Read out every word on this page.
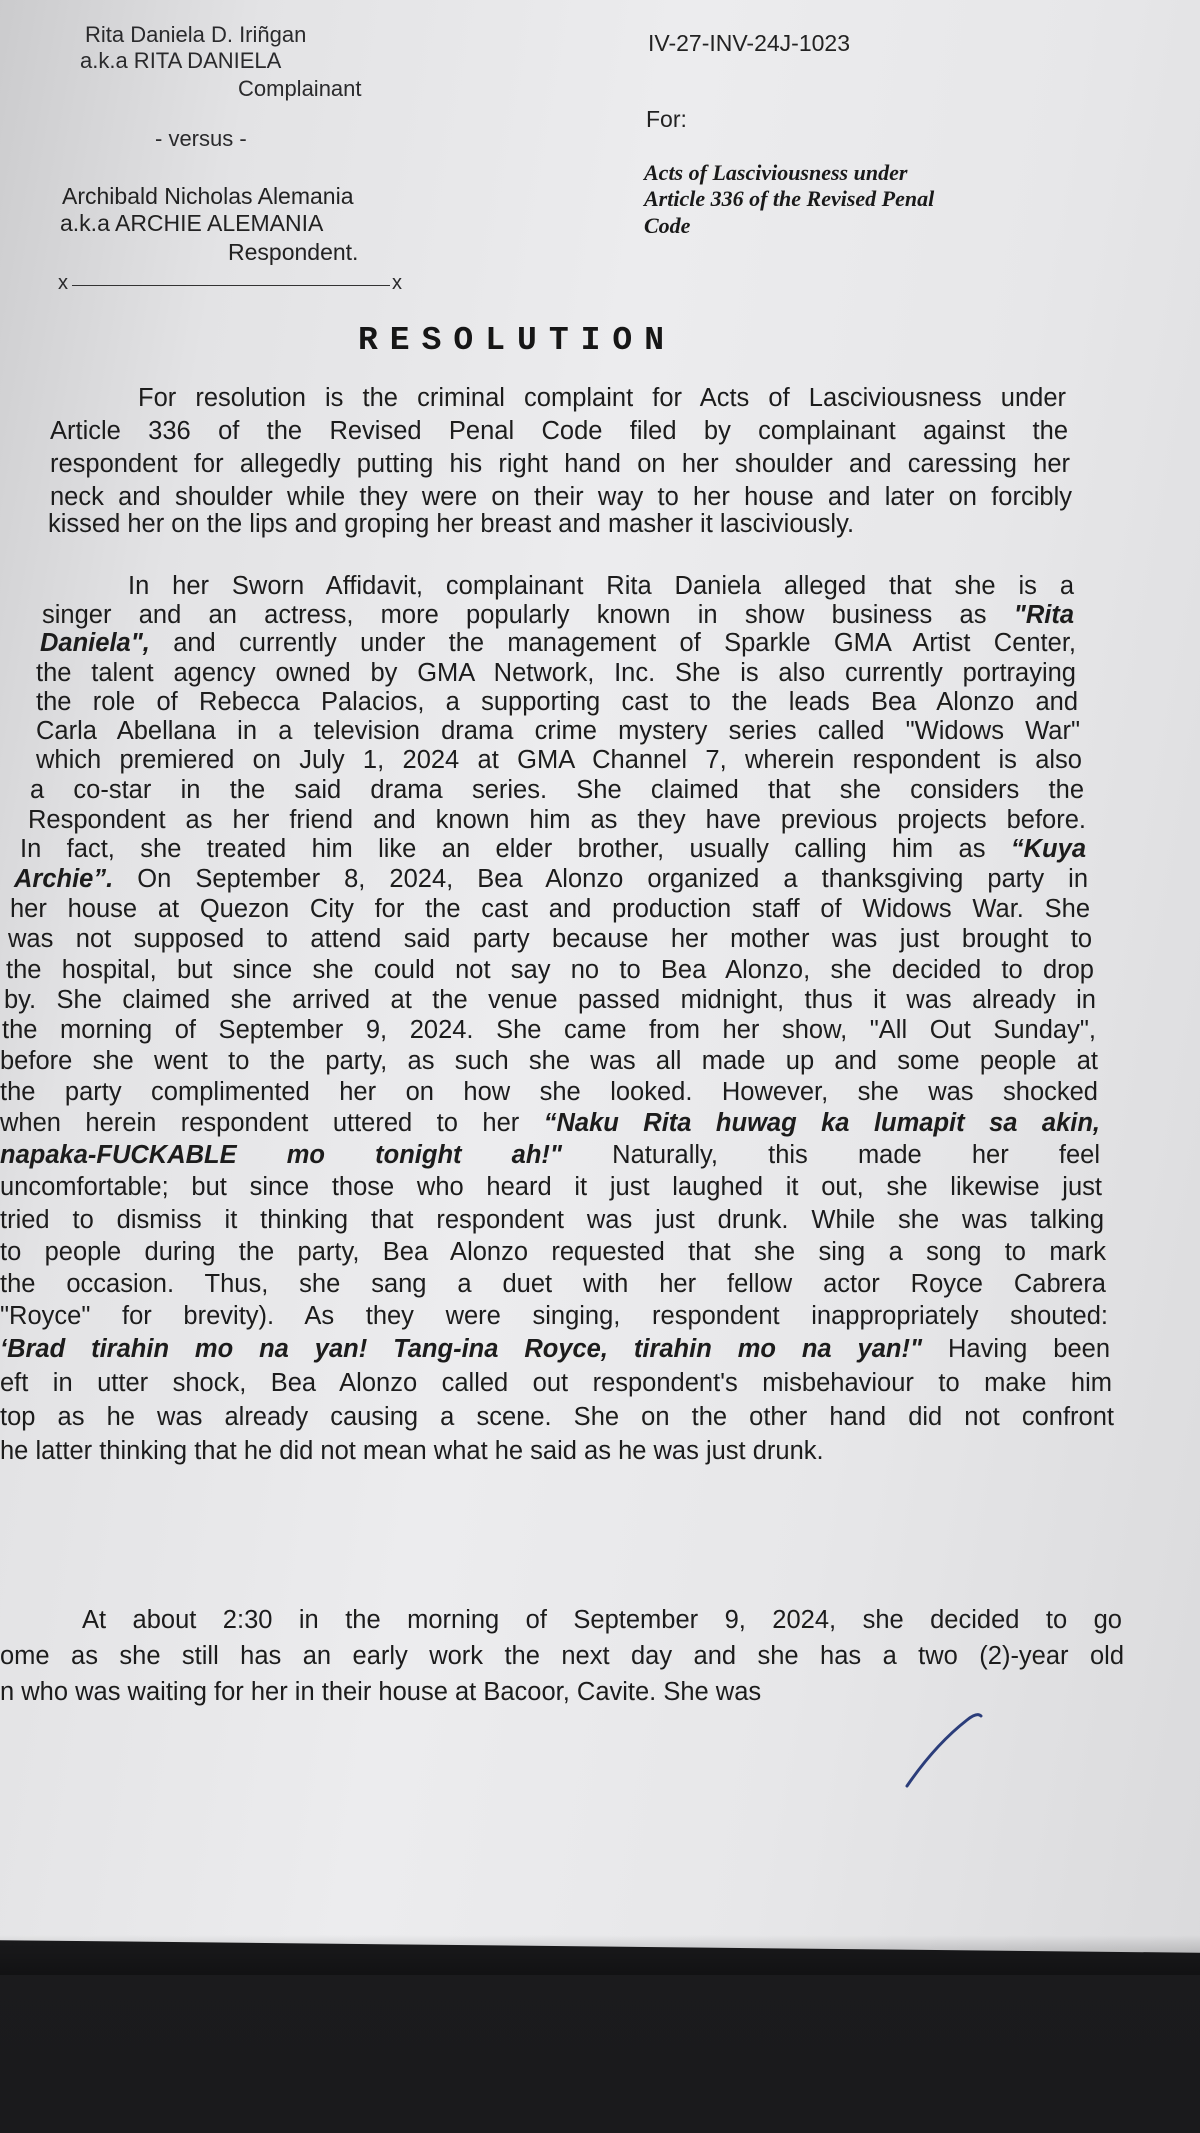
Rita Daniela D. Iriñgan
a.k.a RITA DANIELA
Complainant
- versus -
Archibald Nicholas Alemania
a.k.a ARCHIE ALEMANIA
Respondent.
x	x
IV-27-INV-24J-1023
For:
Acts of Lasciviousness under
Article 336 of the Revised Penal
Code
RESOLUTION
For resolution is the criminal complaint for Acts of Lasciviousness under
Article 336 of the Revised Penal Code filed by complainant against the
respondent for allegedly putting his right hand on her shoulder and caressing her
neck and shoulder while they were on their way to her house and later on forcibly
kissed her on the lips and groping her breast and masher it lasciviously.
In her Sworn Affidavit, complainant Rita Daniela alleged that she is a
singer and an actress, more popularly known in show business as "Rita
Daniela", and currently under the management of Sparkle GMA Artist Center,
the talent agency owned by GMA Network, Inc. She is also currently portraying
the role of Rebecca Palacios, a supporting cast to the leads Bea Alonzo and
Carla Abellana in a television drama crime mystery series called "Widows War"
which premiered on July 1, 2024 at GMA Channel 7, wherein respondent is also
a co-star in the said drama series. She claimed that she considers the
Respondent as her friend and known him as they have previous projects before.
In fact, she treated him like an elder brother, usually calling him as “Kuya
Archie”. On September 8, 2024, Bea Alonzo organized a thanksgiving party in
her house at Quezon City for the cast and production staff of Widows War. She
was not supposed to attend said party because her mother was just brought to
the hospital, but since she could not say no to Bea Alonzo, she decided to drop
by. She claimed she arrived at the venue passed midnight, thus it was already in
the morning of September 9, 2024. She came from her show, "All Out Sunday",
before she went to the party, as such she was all made up and some people at
the party complimented her on how she looked. However, she was shocked
when herein respondent uttered to her “Naku Rita huwag ka lumapit sa akin,
napaka-FUCKABLE mo tonight ah!" Naturally, this made her feel
uncomfortable; but since those who heard it just laughed it out, she likewise just
tried to dismiss it thinking that respondent was just drunk. While she was talking
to people during the party, Bea Alonzo requested that she sing a song to mark
the occasion. Thus, she sang a duet with her fellow actor Royce Cabrera
"Royce" for brevity). As they were singing, respondent inappropriately shouted:
‘Brad tirahin mo na yan! Tang-ina Royce, tirahin mo na yan!" Having been
eft in utter shock, Bea Alonzo called out respondent's misbehaviour to make him
top as he was already causing a scene. She on the other hand did not confront
he latter thinking that he did not mean what he said as he was just drunk.
At about 2:30 in the morning of September 9, 2024, she decided to go
ome as she still has an early work the next day and she has a two (2)-year old
n who was waiting for her in their house at Bacoor, Cavite. She was
